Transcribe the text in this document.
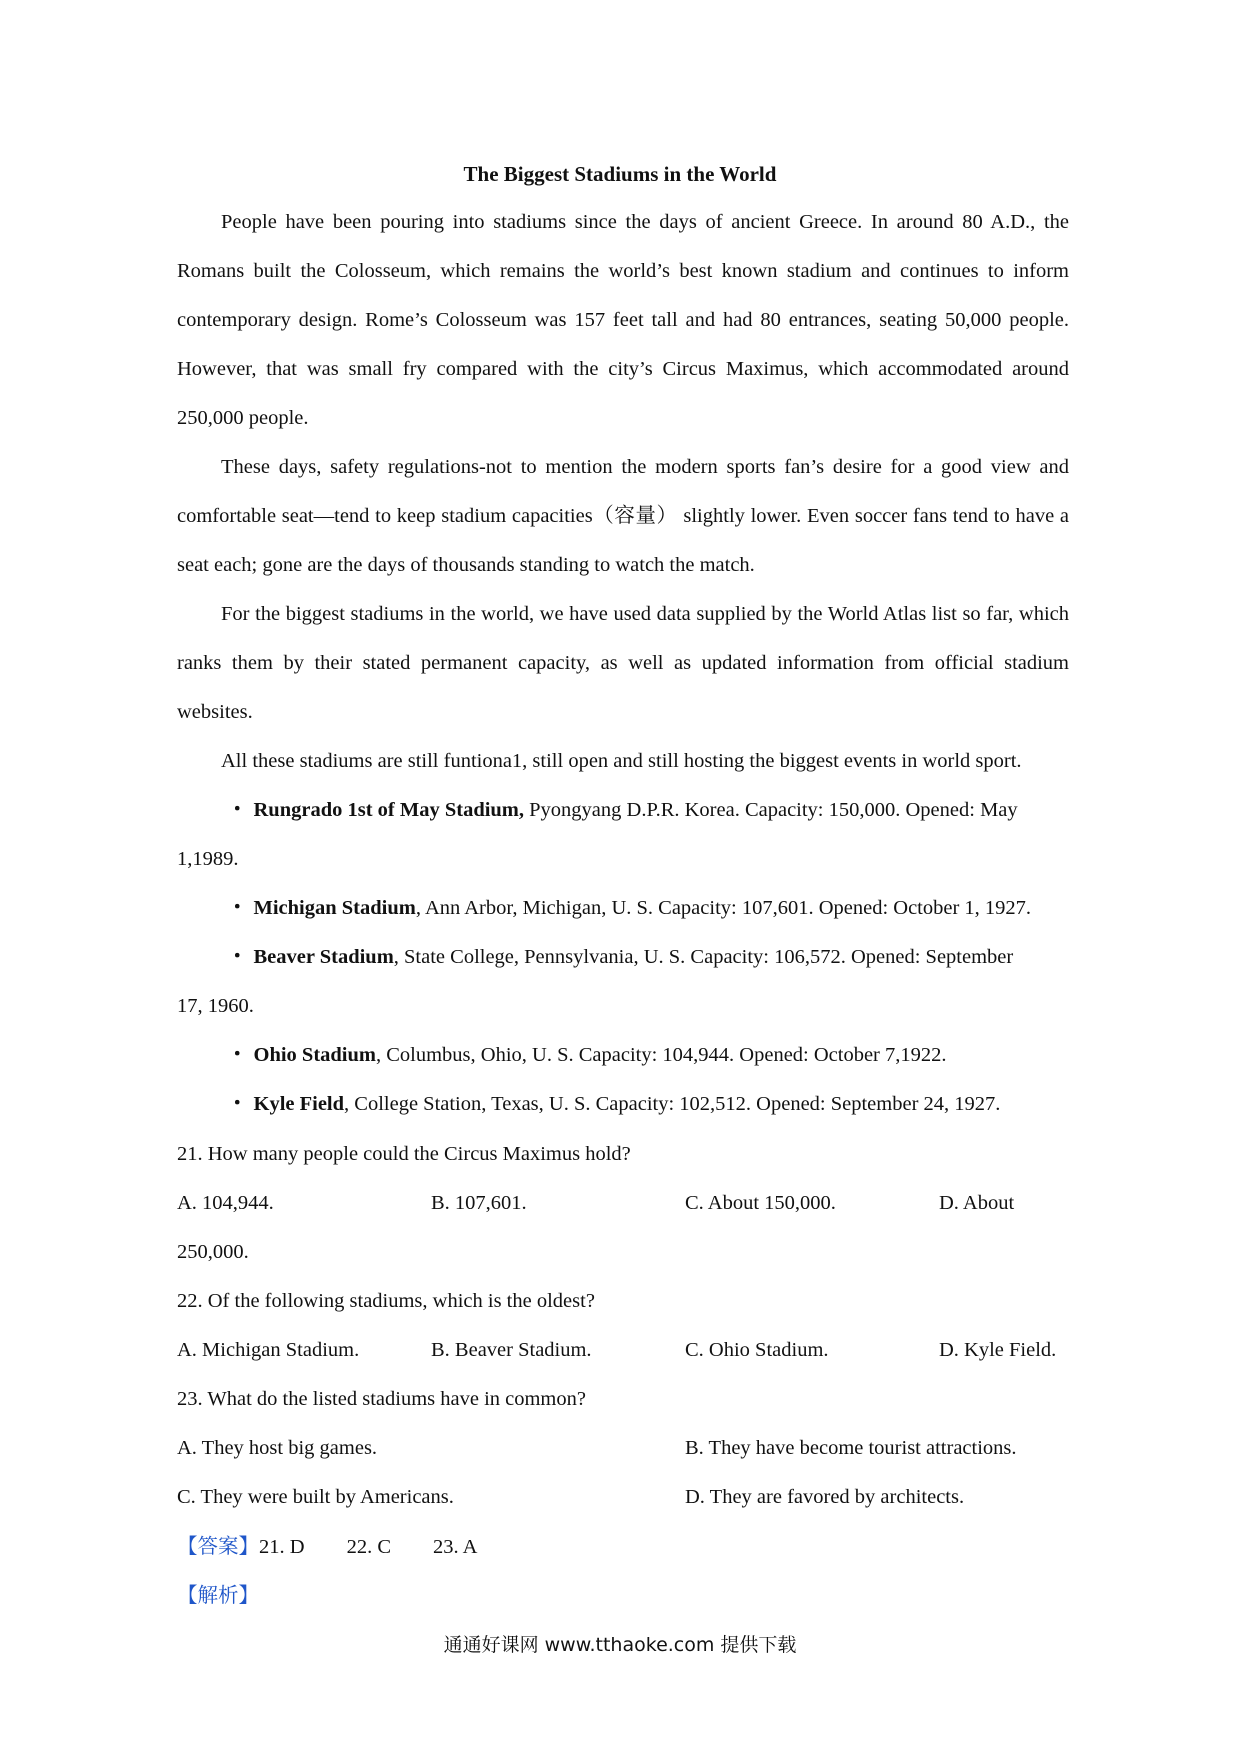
The Biggest Stadiums in the World

People have been pouring into stadiums since the days of ancient Greece. In around 80 A.D., the Romans built the Colosseum, which remains the world’s best known stadium and continues to inform contemporary design. Rome’s Colosseum was 157 feet tall and had 80 entrances, seating 50,000 people. However, that was small fry compared with the city’s Circus Maximus, which accommodated around 250,000 people.

These days, safety regulations-not to mention the modern sports fan’s desire for a good view and comfortable seat—tend to keep stadium capacities（容量） slightly lower. Even soccer fans tend to have a seat each; gone are the days of thousands standing to watch the match.

For the biggest stadiums in the world, we have used data supplied by the World Atlas list so far, which ranks them by their stated permanent capacity, as well as updated information from official stadium websites.

All these stadiums are still funtiona1, still open and still hosting the biggest events in world sport.

・ Rungrado 1st of May Stadium, Pyongyang D.P.R. Korea. Capacity: 150,000. Opened: May
1,1989.
・ Michigan Stadium, Ann Arbor, Michigan, U. S. Capacity: 107,601. Opened: October 1, 1927.
・ Beaver Stadium, State College, Pennsylvania, U. S. Capacity: 106,572. Opened: September
17, 1960.
・ Ohio Stadium, Columbus, Ohio, U. S. Capacity: 104,944. Opened: October 7,1922.
・ Kyle Field, College Station, Texas, U. S. Capacity: 102,512. Opened: September 24, 1927.
21. How many people could the Circus Maximus hold?
A. 104,944.	B. 107,601.	C. About 150,000.	D. About
250,000.
22. Of the following stadiums, which is the oldest?
A. Michigan Stadium.	B. Beaver Stadium.	C. Ohio Stadium.	D. Kyle Field.
23. What do the listed stadiums have in common?
A. They host big games.	B. They have become tourist attractions.
C. They were built by Americans.	D. They are favored by architects.
【答案】21. D 22. C 23. A
【解析】
通通好课网 www.tthaoke.com 提供下载
